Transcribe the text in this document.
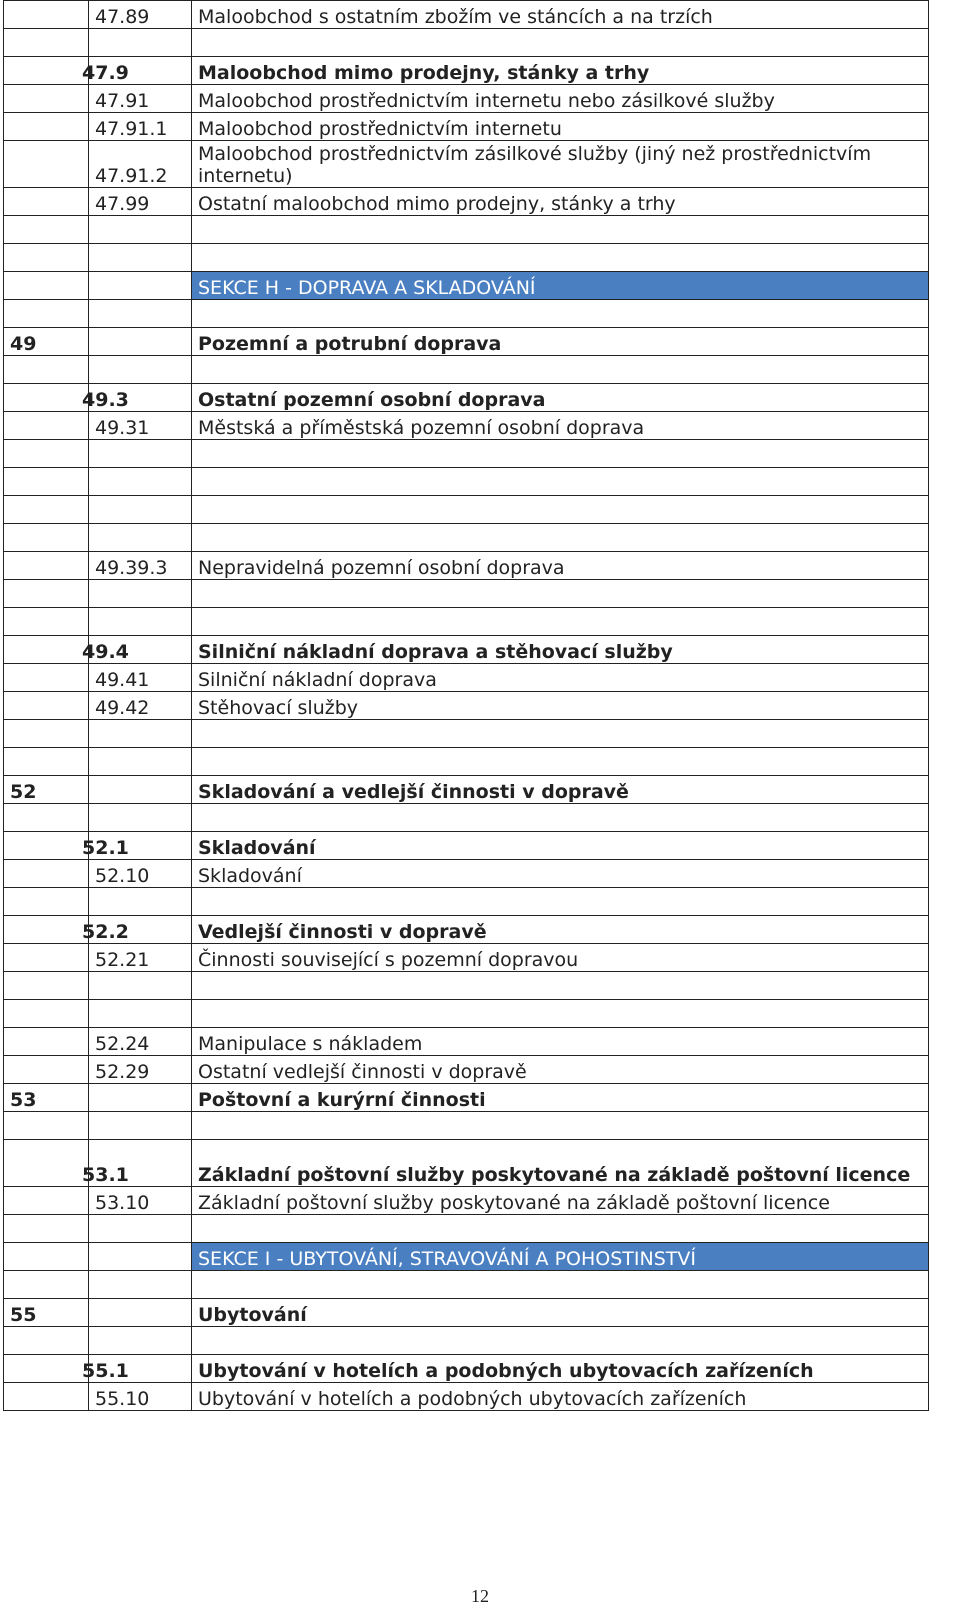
	47.89	Maloobchod s ostatním zbožím ve stáncích a na trzích

47.9		Maloobchod mimo prodejny, stánky a trhy
	47.91	Maloobchod prostřednictvím internetu nebo zásilkové služby
	47.91.1	Maloobchod prostřednictvím internetu
	47.91.2	Maloobchod prostřednictvím zásilkové služby (jiný než prostřednictvím internetu)
	47.99	Ostatní maloobchod mimo prodejny, stánky a trhy

		SEKCE H - DOPRAVA A SKLADOVÁNÍ

49		Pozemní a potrubní doprava

49.3		Ostatní pozemní osobní doprava
	49.31	Městská a příměstská pozemní osobní doprava

	49.39.3	Nepravidelná pozemní osobní doprava

49.4		Silniční nákladní doprava a stěhovací služby
	49.41	Silniční nákladní doprava
	49.42	Stěhovací služby

52		Skladování a vedlejší činnosti v dopravě

52.1		Skladování
	52.10	Skladování

52.2		Vedlejší činnosti v dopravě
	52.21	Činnosti související s pozemní dopravou

	52.24	Manipulace s nákladem
	52.29	Ostatní vedlejší činnosti v dopravě
53		Poštovní a kurýrní činnosti

53.1		Základní poštovní služby poskytované na základě poštovní licence
	53.10	Základní poštovní služby poskytované na základě poštovní licence

		SEKCE I - UBYTOVÁNÍ, STRAVOVÁNÍ A POHOSTINSTVÍ

55		Ubytování

55.1		Ubytování v hotelích a podobných ubytovacích zařízeních
	55.10	Ubytování v hotelích a podobných ubytovacích zařízeních
12
